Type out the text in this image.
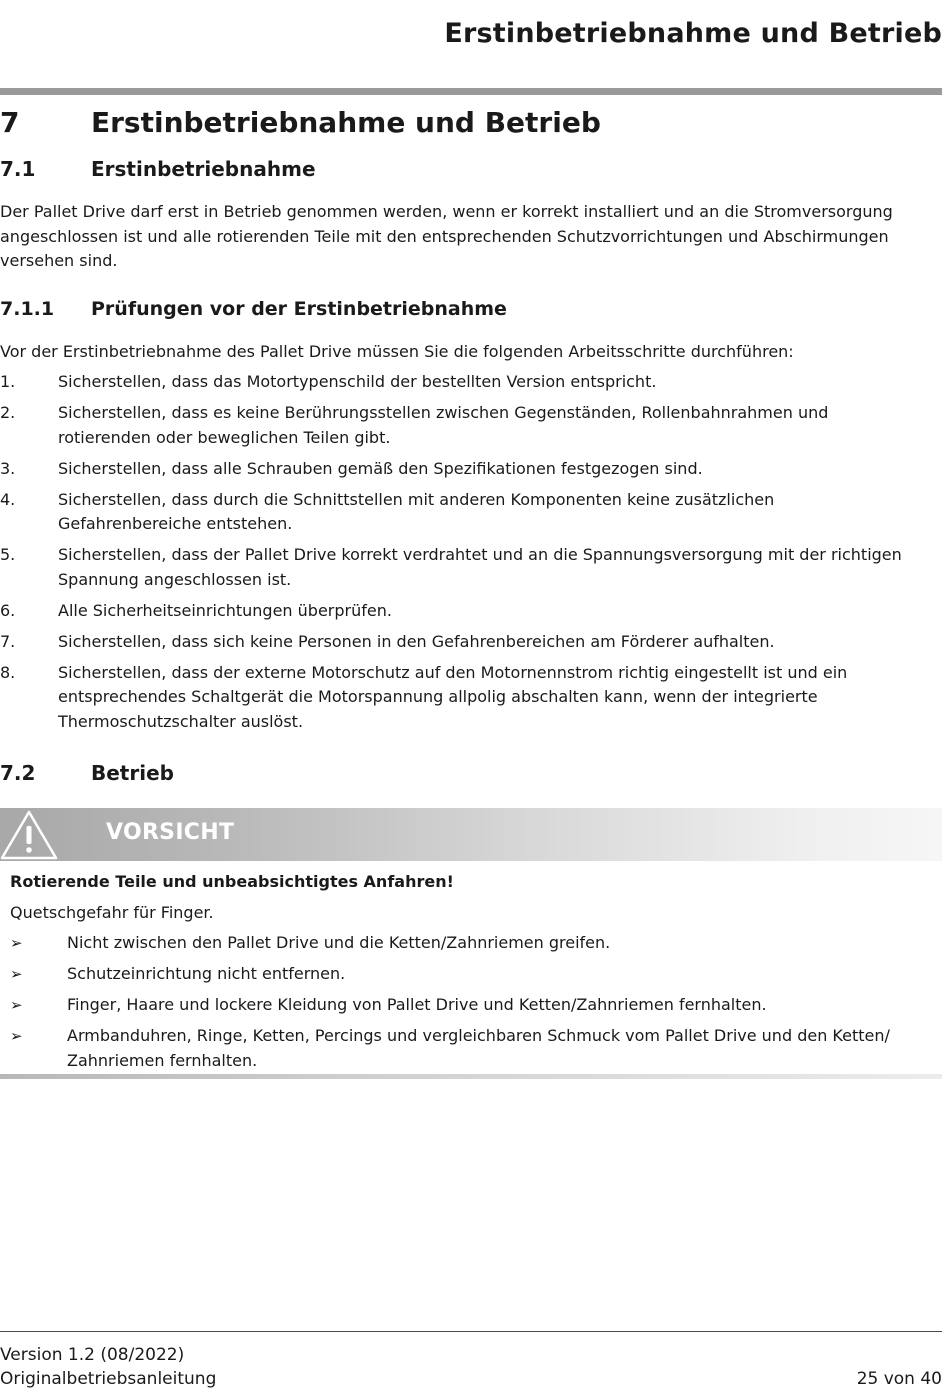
Erstinbetriebnahme und Betrieb
7	Erstinbetriebnahme und Betrieb
7.1	Erstinbetriebnahme
Der Pallet Drive darf erst in Betrieb genommen werden, wenn er korrekt installiert und an die Stromversorgung angeschlossen ist und alle rotierenden Teile mit den entsprechenden Schutzvorrichtungen und Abschirmungen versehen sind.
7.1.1 Prüfungen vor der Erstinbetriebnahme
Vor der Erstinbetriebnahme des Pallet Drive müssen Sie die folgenden Arbeitsschritte durchführen:
1.	Sicherstellen, dass das Motortypenschild der bestellten Version entspricht.
2.	Sicherstellen, dass es keine Berührungsstellen zwischen Gegenständen, Rollenbahnrahmen und rotierenden oder beweglichen Teilen gibt.
3.	Sicherstellen, dass alle Schrauben gemäß den Spezifikationen festgezogen sind.
4.	Sicherstellen, dass durch die Schnittstellen mit anderen Komponenten keine zusätzlichen Gefahrenbereiche entstehen.
5.	Sicherstellen, dass der Pallet Drive korrekt verdrahtet und an die Spannungsversorgung mit der richtigen Spannung angeschlossen ist.
6.	Alle Sicherheitseinrichtungen überprüfen.
7.	Sicherstellen, dass sich keine Personen in den Gefahrenbereichen am Förderer aufhalten.
8.	Sicherstellen, dass der externe Motorschutz auf den Motornennstrom richtig eingestellt ist und ein entsprechendes Schaltgerät die Motorspannung allpolig abschalten kann, wenn der integrierte Thermoschutzschalter auslöst.
7.2	Betrieb
VORSICHT
Rotierende Teile und unbeabsichtigtes Anfahren!
Quetschgefahr für Finger.
➢	Nicht zwischen den Pallet Drive und die Ketten/Zahnriemen greifen.
➢	Schutzeinrichtung nicht entfernen.
➢	Finger, Haare und lockere Kleidung von Pallet Drive und Ketten/Zahnriemen fernhalten.
➢	Armbanduhren, Ringe, Ketten, Percings und vergleichbaren Schmuck vom Pallet Drive und den Ketten/ Zahnriemen fernhalten.
Version 1.2 (08/2022)
Originalbetriebsanleitung	25 von 40
